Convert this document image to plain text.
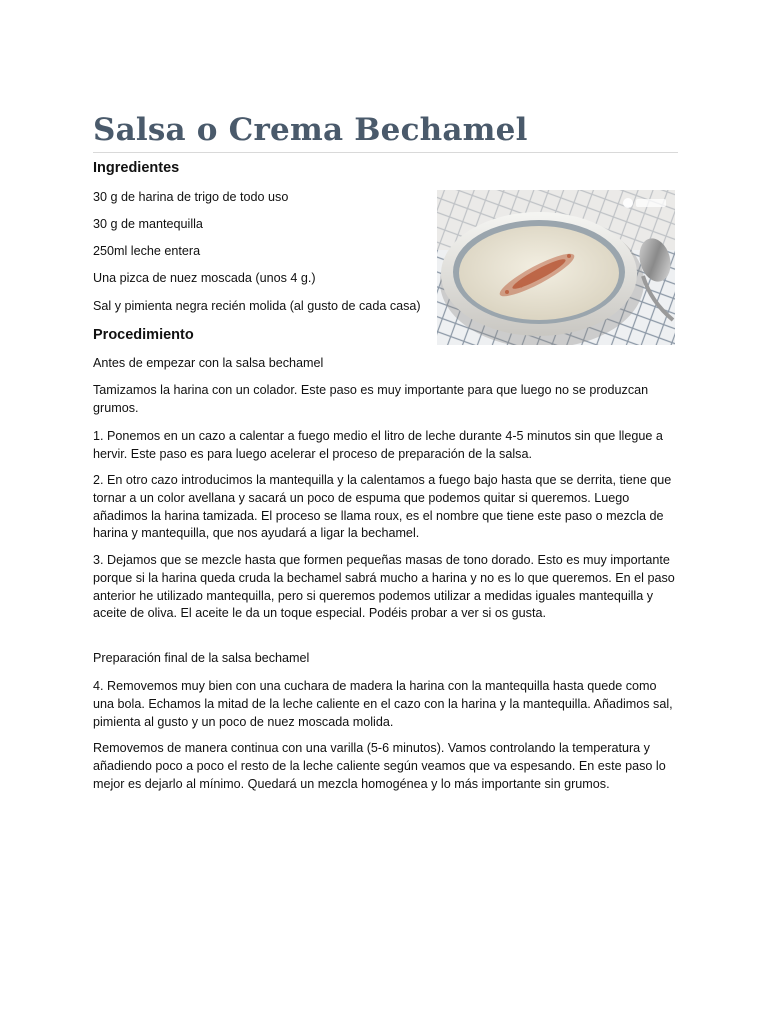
Salsa o Crema Bechamel
Ingredientes
30 g de harina de trigo de todo uso
30 g de mantequilla
250ml leche entera
Una pizca de nuez moscada (unos 4 g.)
Sal y pimienta negra recién molida (al gusto de cada casa)
Procedimiento

Antes de empezar con la salsa bechamel

Tamizamos la harina con un colador. Este paso es muy importante para que luego no se produzcan grumos.

1. Ponemos en un cazo a calentar a fuego medio el litro de leche durante 4-5 minutos sin que llegue a hervir. Este paso es para luego acelerar el proceso de preparación de la salsa.

2. En otro cazo introducimos la mantequilla y la calentamos a fuego bajo hasta que se derrita, tiene que tornar a un color avellana y sacará un poco de espuma que podemos quitar si queremos. Luego añadimos la harina tamizada. El proceso se llama roux, es el nombre que tiene este paso o mezcla de harina y mantequilla, que nos ayudará a ligar la bechamel.

3. Dejamos que se mezcle hasta que formen pequeñas masas de tono dorado. Esto es muy importante porque si la harina queda cruda la bechamel sabrá mucho a harina y no es lo que queremos. En el paso anterior he utilizado mantequilla, pero si queremos podemos utilizar a medidas iguales mantequilla y aceite de oliva. El aceite le da un toque especial. Podéis probar a ver si os gusta.

Preparación final de la salsa bechamel

4. Removemos muy bien con una cuchara de madera la harina con la mantequilla hasta quede como una bola. Echamos la mitad de la leche caliente en el cazo con la harina y la mantequilla. Añadimos sal, pimienta al gusto y un poco de nuez moscada molida.

Removemos de manera continua con una varilla (5-6 minutos). Vamos controlando la temperatura y añadiendo poco a poco el resto de la leche caliente según veamos que va espesando. En este paso lo mejor es dejarlo al mínimo. Quedará un mezcla homogénea y lo más importante sin grumos.
